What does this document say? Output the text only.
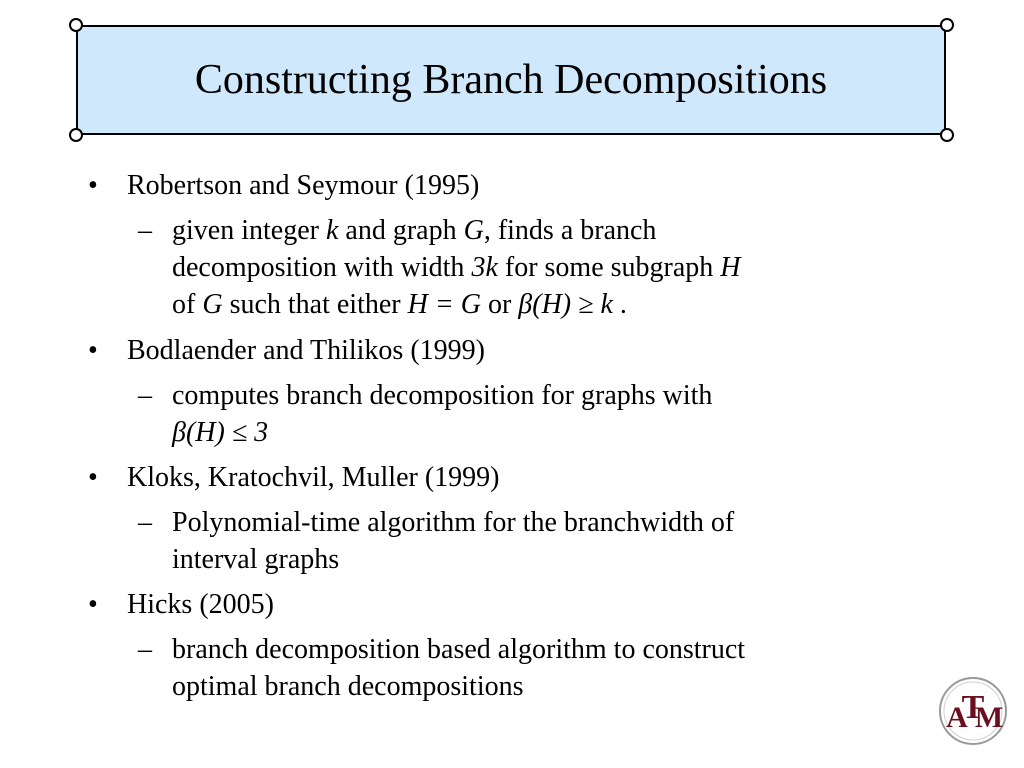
Constructing Branch Decompositions
• Robertson and Seymour (1995)
– given integer k and graph G, finds a branch
decomposition with width 3k for some subgraph H
of G such that either H = G or β(H) ≥ k .
• Bodlaender and Thilikos (1999)
– computes branch decomposition for graphs with
β(H) ≤ 3
• Kloks, Kratochvil, Muller (1999)
– Polynomial-time algorithm for the branchwidth of
interval graphs
• Hicks (2005)
– branch decomposition based algorithm to construct
optimal branch decompositions
A
T
M
